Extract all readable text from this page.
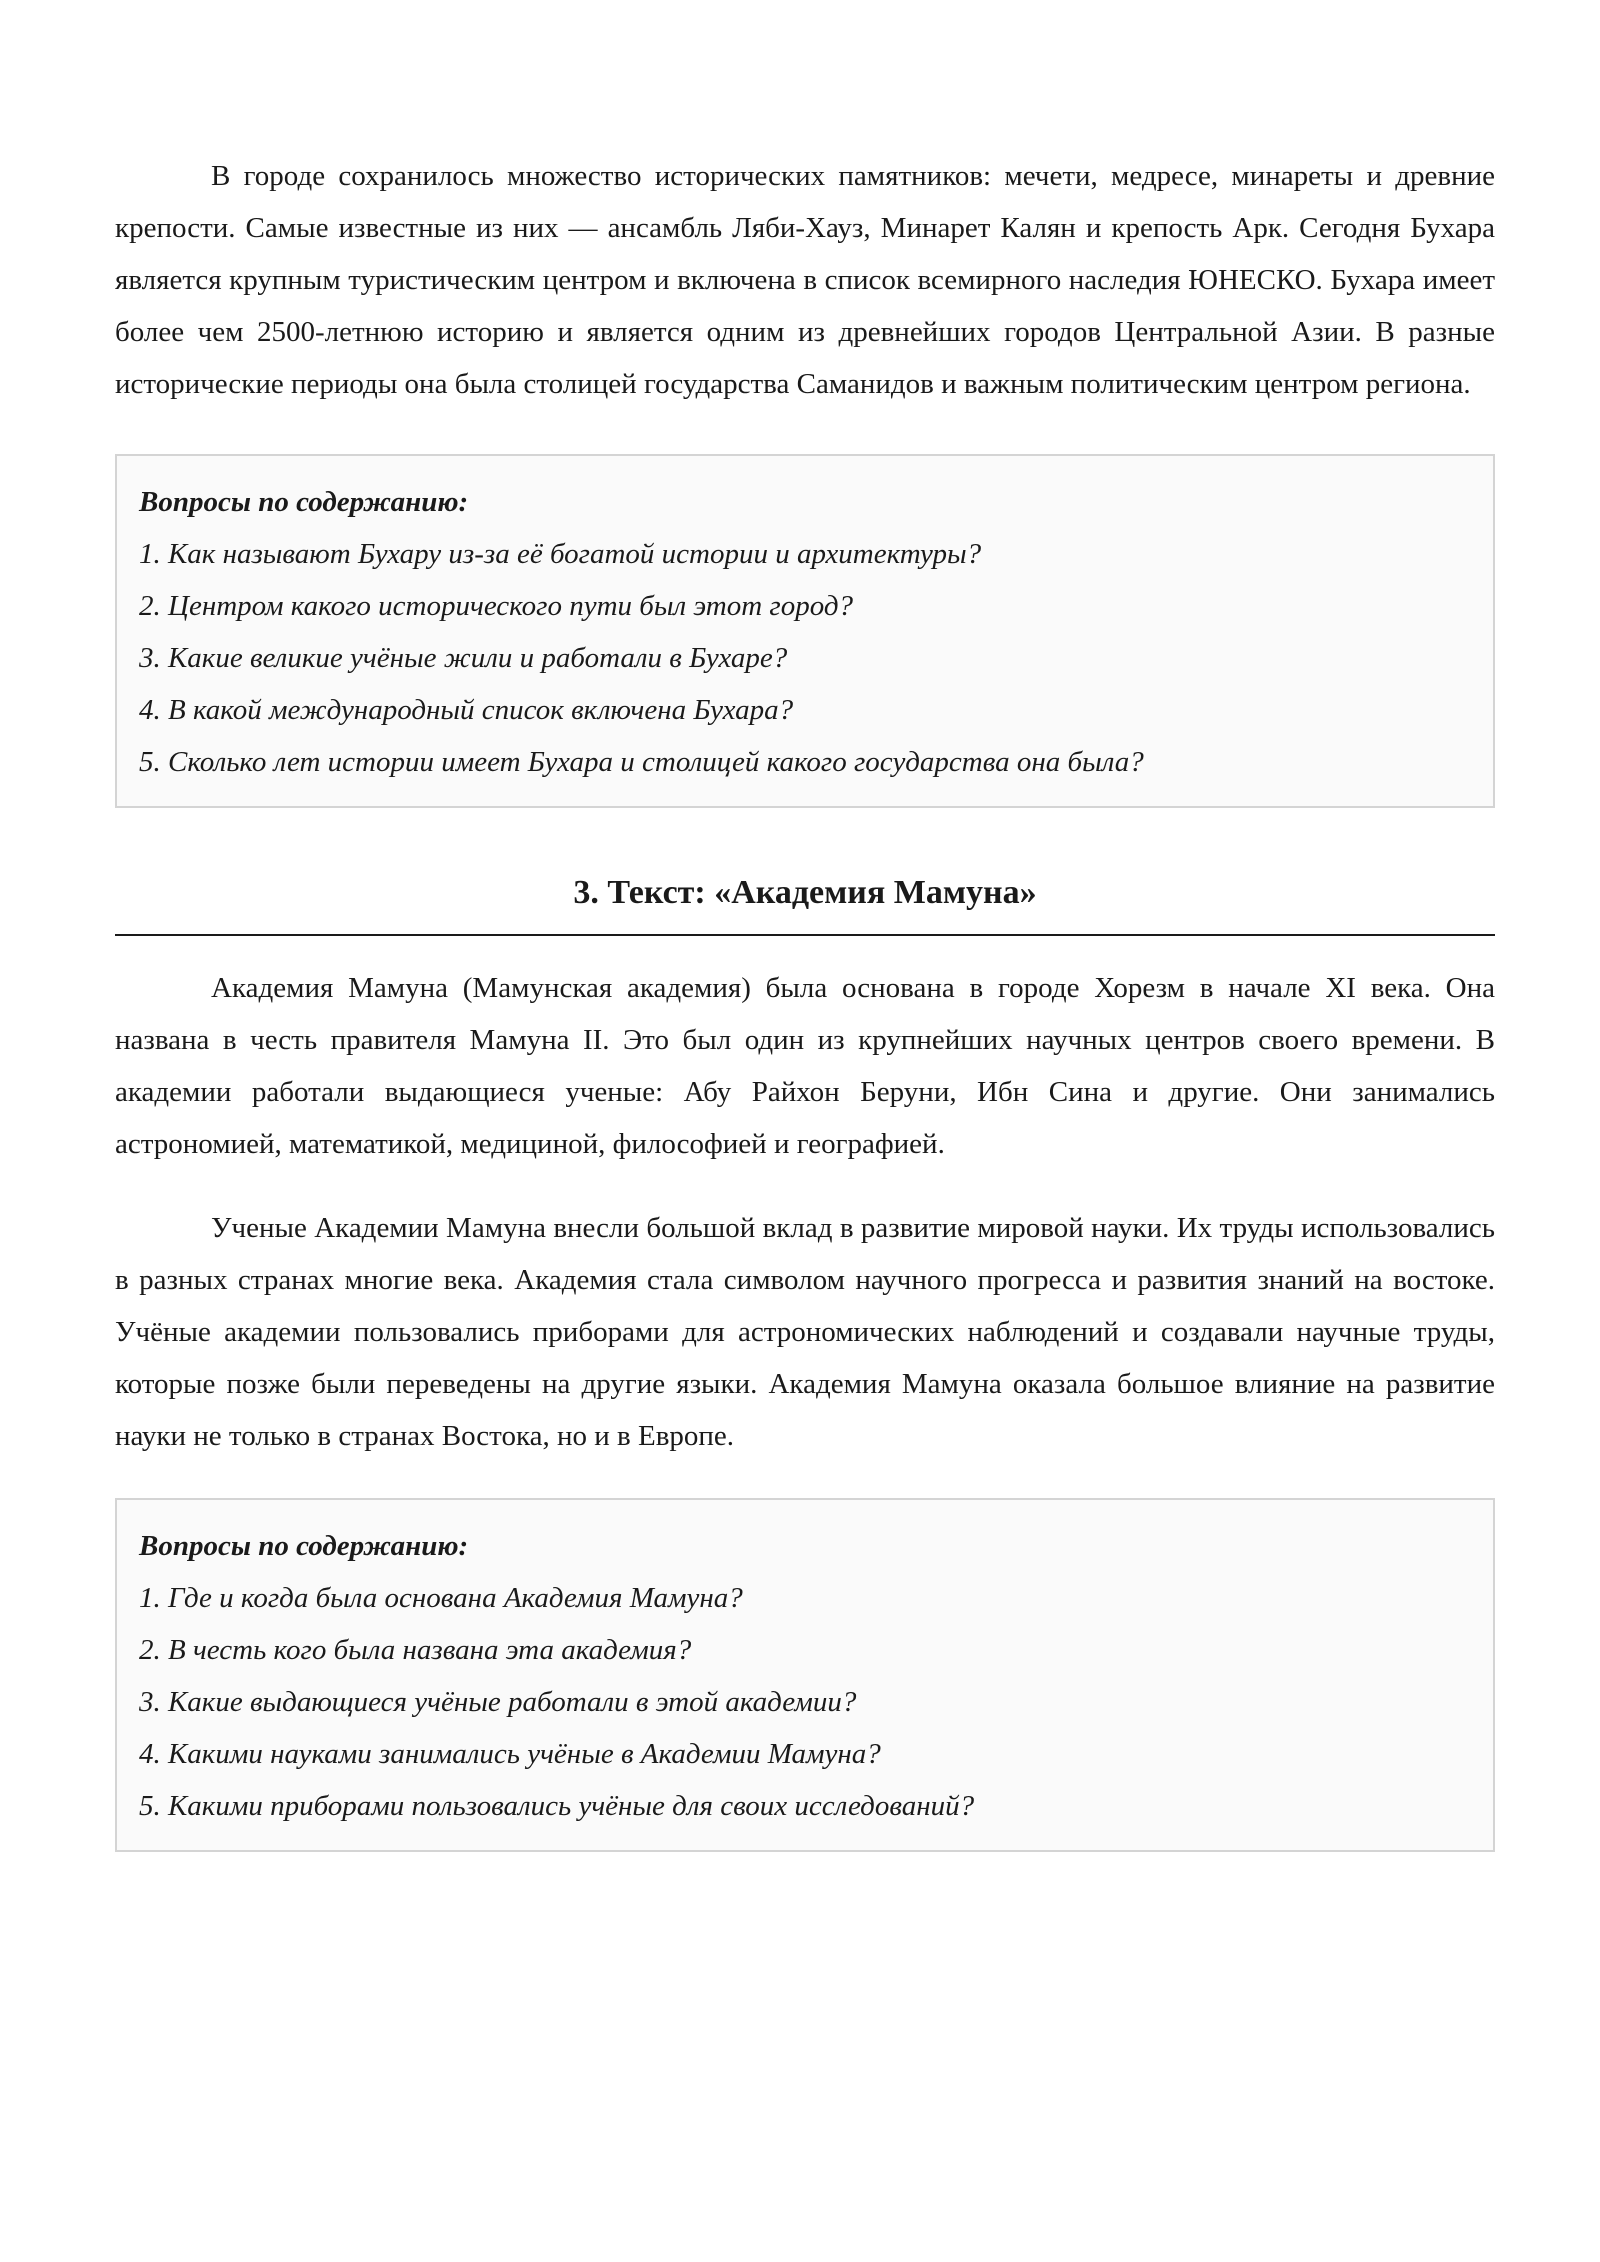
В городе сохранилось множество исторических памятников: мечети, медресе, минареты и древние крепости. Самые известные из них — ансамбль Ляби-Хауз, Минарет Калян и крепость Арк. Сегодня Бухара является крупным туристическим центром и включена в список всемирного наследия ЮНЕСКО. Бухара имеет более чем 2500-летнюю историю и является одним из древнейших городов Центральной Азии. В разные исторические периоды она была столицей государства Саманидов и важным политическим центром региона.

Вопросы по содержанию:
1. Как называют Бухару из-за её богатой истории и архитектуры?
2. Центром какого исторического пути был этот город?
3. Какие великие учёные жили и работали в Бухаре?
4. В какой международный список включена Бухара?
5. Сколько лет истории имеет Бухара и столицей какого государства она была?
3. Текст: «Академия Мамуна»

Академия Мамуна (Мамунская академия) была основана в городе Хорезм в начале XI века. Она названа в честь правителя Мамуна II. Это был один из крупнейших научных центров своего времени. В академии работали выдающиеся ученые: Абу Райхон Беруни, Ибн Сина и другие. Они занимались астрономией, математикой, медициной, философией и географией.

Ученые Академии Мамуна внесли большой вклад в развитие мировой науки. Их труды использовались в разных странах многие века. Академия стала символом научного прогресса и развития знаний на востоке. Учёные академии пользовались приборами для астрономических наблюдений и создавали научные труды, которые позже были переведены на другие языки. Академия Мамуна оказала большое влияние на развитие науки не только в странах Востока, но и в Европе.

Вопросы по содержанию:
1. Где и когда была основана Академия Мамуна?
2. В честь кого была названа эта академия?
3. Какие выдающиеся учёные работали в этой академии?
4. Какими науками занимались учёные в Академии Мамуна?
5. Какими приборами пользовались учёные для своих исследований?
